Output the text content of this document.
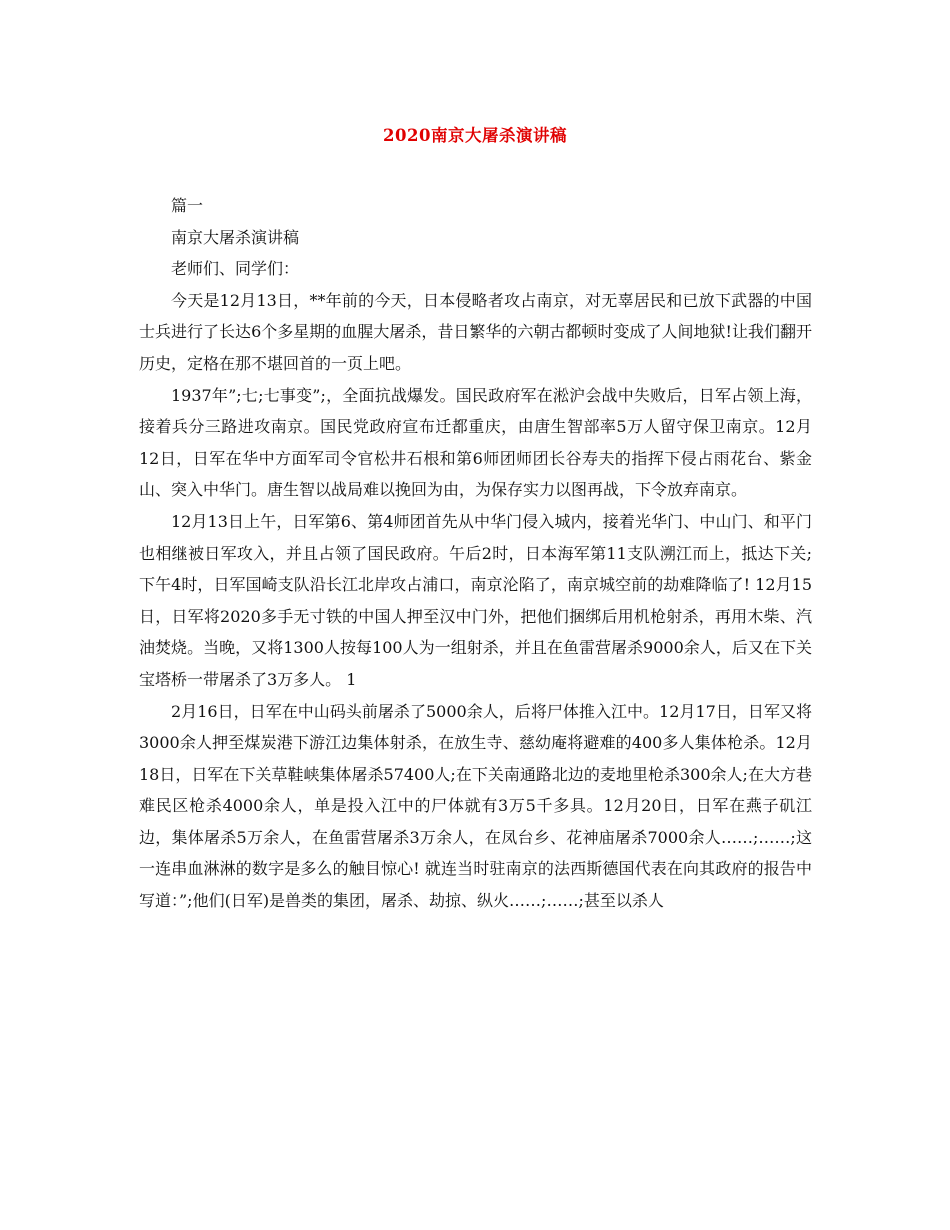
2020南京大屠杀演讲稿

篇一

南京大屠杀演讲稿

老师们、同学们：

今天是12月13日，**年前的今天，日本侵略者攻占南京，对无辜居民和已放下武器的中国士兵进行了长达6个多星期的血腥大屠杀，昔日繁华的六朝古都顿时变成了人间地狱!让我们翻开历史，定格在那不堪回首的一页上吧。

1937年”;七;七事变”;，全面抗战爆发。国民政府军在淞沪会战中失败后，日军占领上海，接着兵分三路进攻南京。国民党政府宣布迁都重庆，由唐生智部率5万人留守保卫南京。12月12日，日军在华中方面军司令官松井石根和第6师团师团长谷寿夫的指挥下侵占雨花台、紫金山、突入中华门。唐生智以战局难以挽回为由，为保存实力以图再战，下令放弃南京。

12月13日上午，日军第6、第4师团首先从中华门侵入城内，接着光华门、中山门、和平门也相继被日军攻入，并且占领了国民政府。午后2时，日本海军第11支队溯江而上，抵达下关;下午4时，日军国崎支队沿长江北岸攻占浦口，南京沦陷了，南京城空前的劫难降临了! 12月15日，日军将2020多手无寸铁的中国人押至汉中门外，把他们捆绑后用机枪射杀，再用木柴、汽油焚烧。当晚，又将1300人按每100人为一组射杀，并且在鱼雷营屠杀9000余人，后又在下关宝塔桥一带屠杀了3万多人。 1

2月16日，日军在中山码头前屠杀了5000余人，后将尸体推入江中。12月17日，日军又将3000余人押至煤炭港下游江边集体射杀，在放生寺、慈幼庵将避难的400多人集体枪杀。12月18日，日军在下关草鞋峡集体屠杀57400人;在下关南通路北边的麦地里枪杀300余人;在大方巷难民区枪杀4000余人，单是投入江中的尸体就有3万5千多具。12月20日，日军在燕子矶江边，集体屠杀5万余人，在鱼雷营屠杀3万余人，在凤台乡、花神庙屠杀7000余人……;……;这一连串血淋淋的数字是多么的触目惊心! 就连当时驻南京的法西斯德国代表在向其政府的报告中写道：”;他们(日军)是兽类的集团，屠杀、劫掠、纵火……;……;甚至以杀人
